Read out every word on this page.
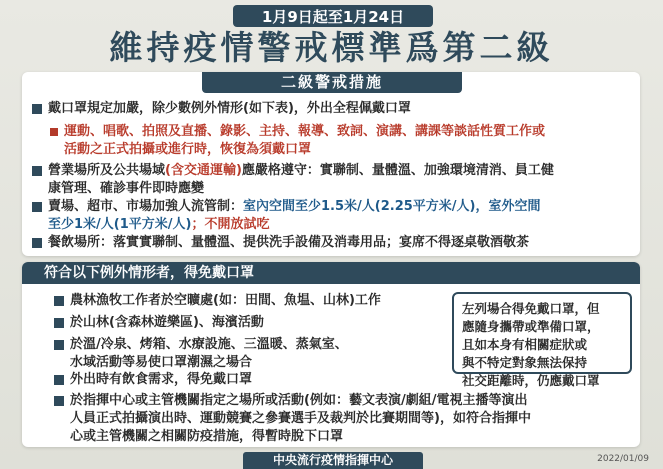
1月9日起至1月24日
維持疫情警戒標準爲第二級
二級警戒措施
戴口罩規定加嚴，除少數例外情形(如下表)，外出全程佩戴口罩
運動、唱歌、拍照及直播、錄影、主持、報導、致詞、演講、講課等談話性質工作或
活動之正式拍攝或進行時，恢復為須戴口罩
營業場所及公共場域(含交通運輸)應嚴格遵守：實聯制、量體溫、加強環境清消、員工健
康管理、確診事件即時應變
賣場、超市、市場加強人流管制：室內空間至少1.5米/人(2.25平方米/人)，室外空間
至少1米/人(1平方米/人)；不開放試吃
餐飲場所：落實實聯制、量體溫、提供洗手設備及消毒用品；宴席不得逐桌敬酒敬茶
符合以下例外情形者，得免戴口罩
農林漁牧工作者於空曠處(如：田間、魚塭、山林)工作
於山林(含森林遊樂區)、海濱活動
於溫/冷泉、烤箱、水療設施、三溫暖、蒸氣室、
水域活動等易使口罩潮濕之場合
外出時有飲食需求，得免戴口罩
於指揮中心或主管機關指定之場所或活動(例如：藝文表演/劇組/電視主播等演出
人員正式拍攝演出時、運動競賽之參賽選手及裁判於比賽期間等)，如符合指揮中
心或主管機關之相關防疫措施，得暫時脫下口罩
左列場合得免戴口罩，但
應隨身攜帶或準備口罩，
且如本身有相關症狀或
與不特定對象無法保持
社交距離時，仍應戴口罩
中央流行疫情指揮中心	2022/01/09
